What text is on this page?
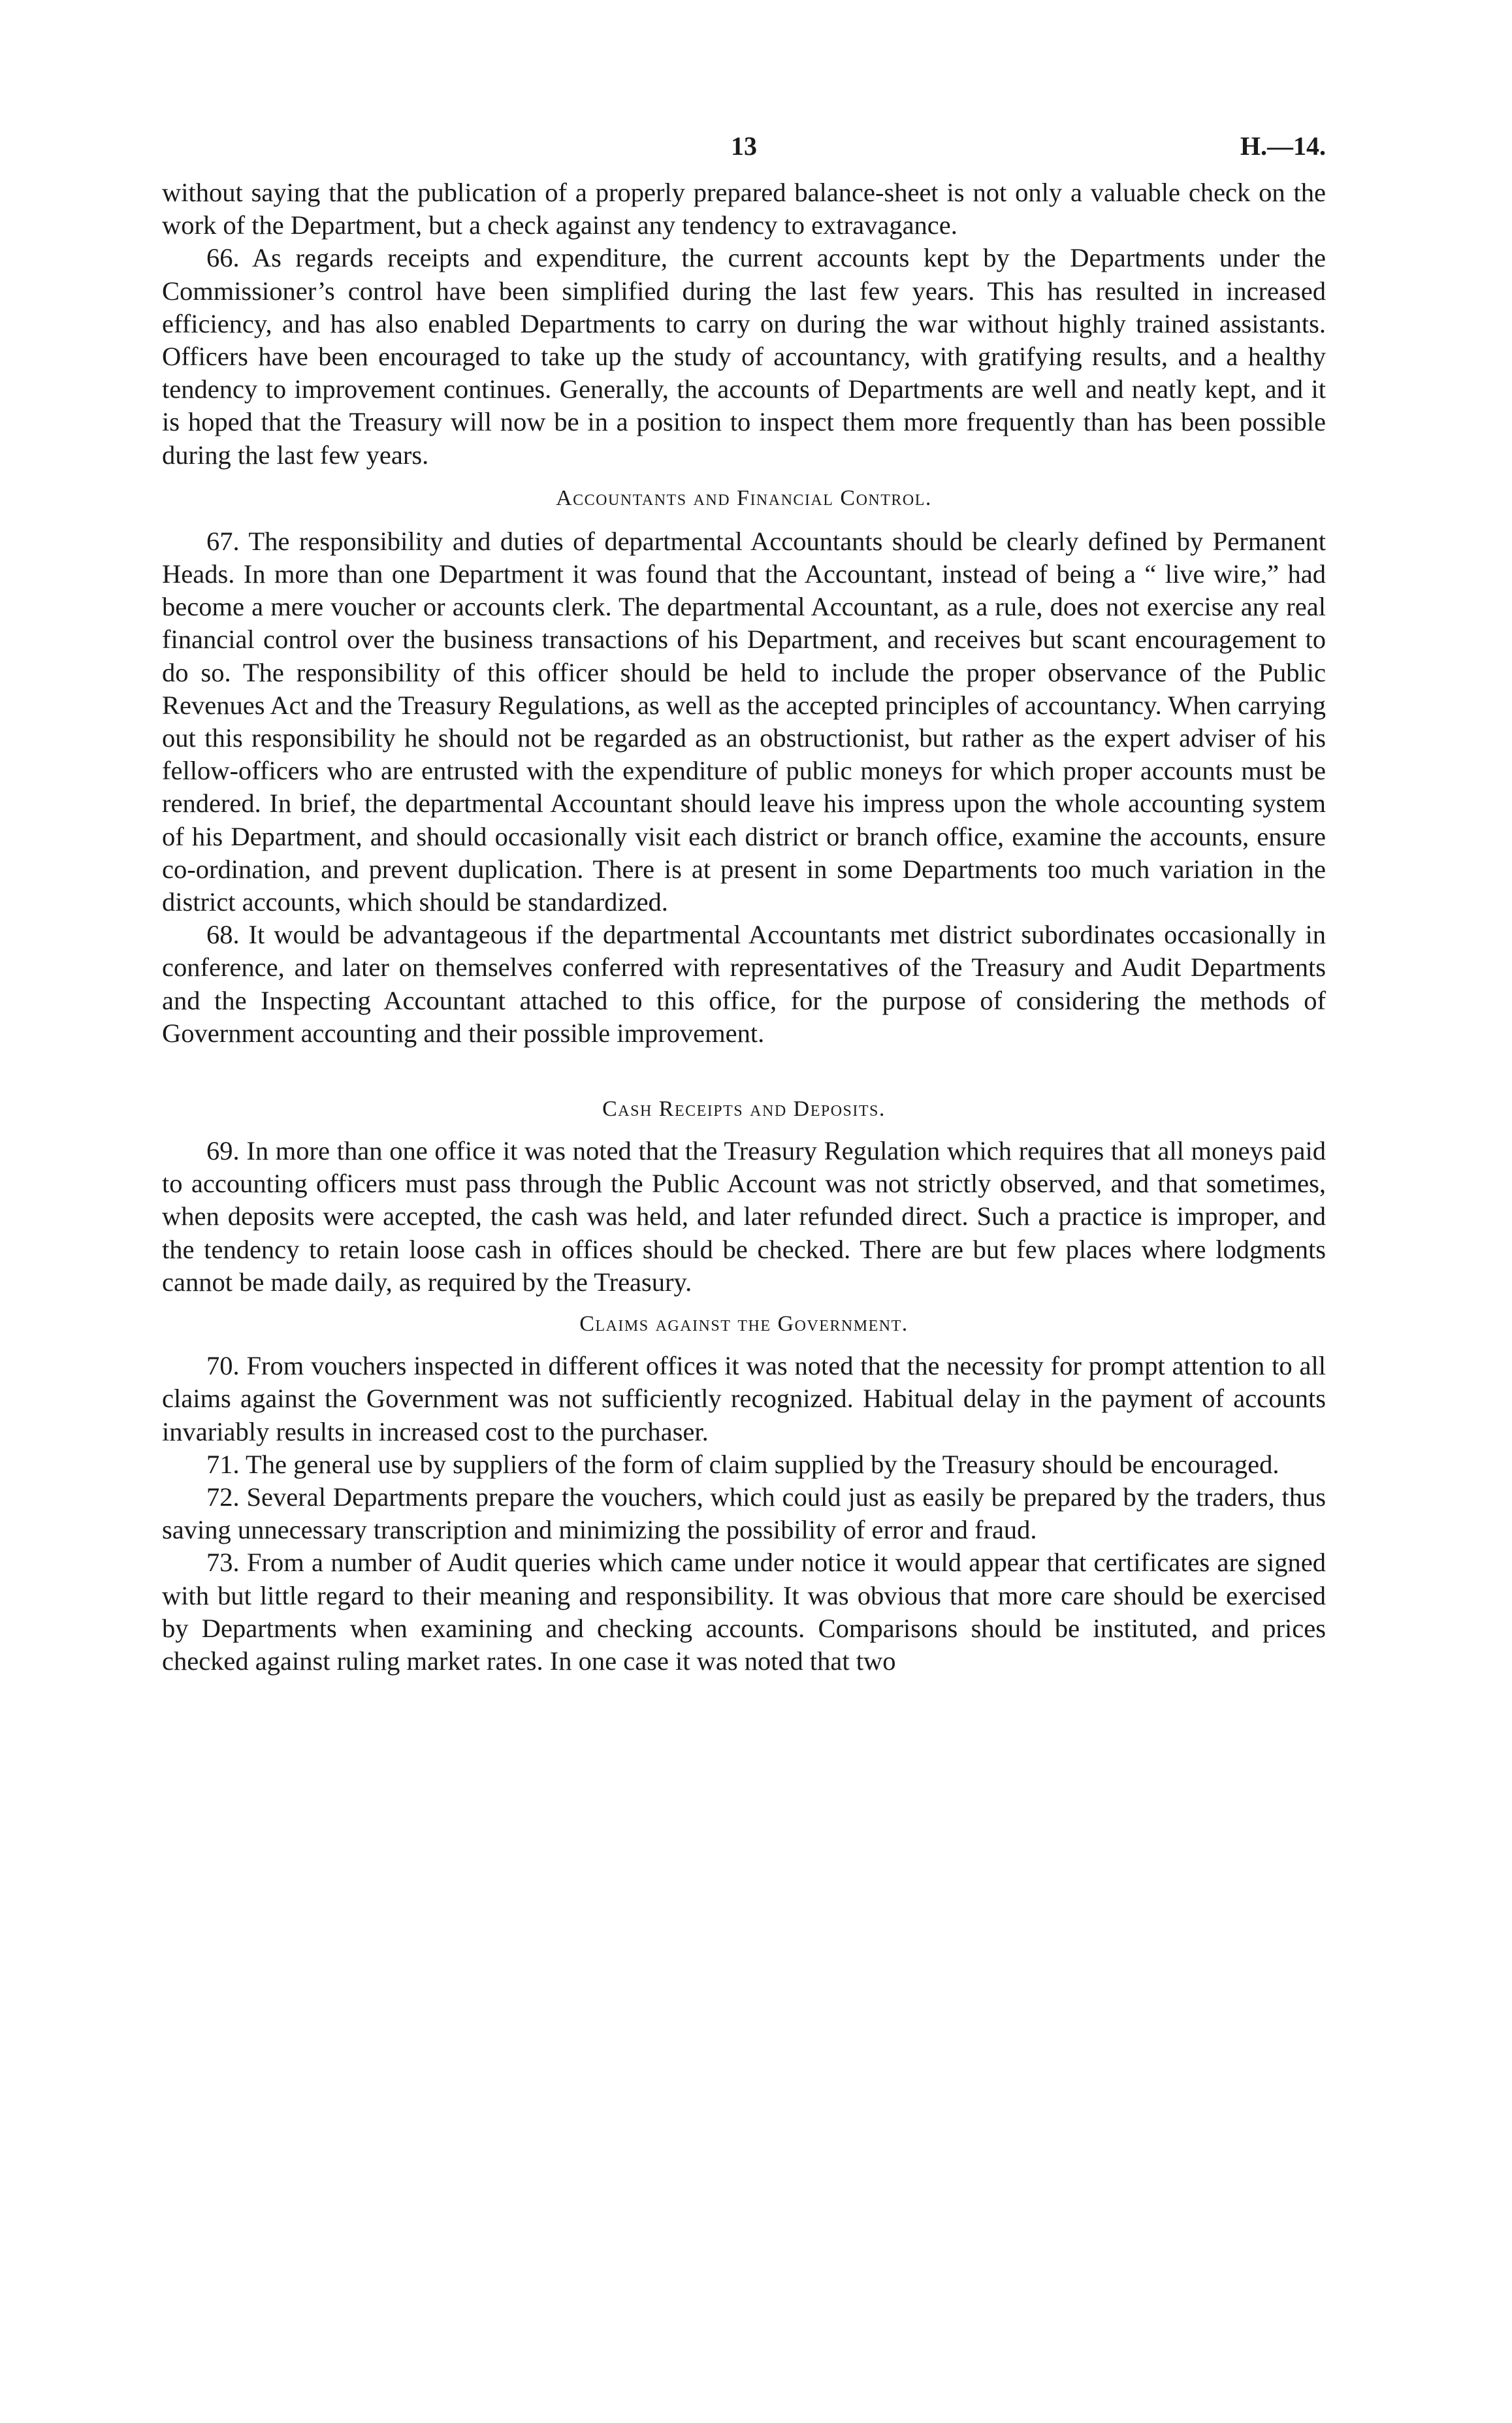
13	H.—14.

without saying that the publication of a properly prepared balance-sheet is not only a valuable check on the work of the Department, but a check against any tendency to extravagance.

66. As regards receipts and expenditure, the current accounts kept by the Departments under the Commissioner’s control have been simplified during the last few years. This has resulted in increased efficiency, and has also enabled Departments to carry on during the war without highly trained assistants. Officers have been encouraged to take up the study of accountancy, with gratifying results, and a healthy tendency to improvement continues. Generally, the accounts of Departments are well and neatly kept, and it is hoped that the Treasury will now be in a position to inspect them more frequently than has been possible during the last few years.

Accountants and Financial Control.

67. The responsibility and duties of departmental Accountants should be clearly defined by Permanent Heads. In more than one Department it was found that the Accountant, instead of being a “ live wire,” had become a mere voucher or accounts clerk. The departmental Accountant, as a rule, does not exercise any real financial control over the business transactions of his Department, and receives but scant encouragement to do so. The responsibility of this officer should be held to include the proper observance of the Public Revenues Act and the Treasury Regulations, as well as the accepted principles of accountancy. When carrying out this responsibility he should not be regarded as an obstructionist, but rather as the expert adviser of his fellow-officers who are entrusted with the expenditure of public moneys for which proper accounts must be rendered. In brief, the departmental Accountant should leave his impress upon the whole accounting system of his Department, and should occasionally visit each district or branch office, examine the accounts, ensure co-ordination, and prevent duplication. There is at present in some Departments too much variation in the district accounts, which should be standardized.

68. It would be advantageous if the departmental Accountants met district subordinates occasionally in conference, and later on themselves conferred with representatives of the Treasury and Audit Departments and the Inspecting Accountant attached to this office, for the purpose of considering the methods of Government accounting and their possible improvement.

Cash Receipts and Deposits.

69. In more than one office it was noted that the Treasury Regulation which requires that all moneys paid to accounting officers must pass through the Public Account was not strictly observed, and that sometimes, when deposits were accepted, the cash was held, and later refunded direct. Such a practice is improper, and the tendency to retain loose cash in offices should be checked. There are but few places where lodgments cannot be made daily, as required by the Treasury.

Claims against the Government.

70. From vouchers inspected in different offices it was noted that the necessity for prompt attention to all claims against the Government was not sufficiently recognized. Habitual delay in the payment of accounts invariably results in increased cost to the purchaser.

71. The general use by suppliers of the form of claim supplied by the Treasury should be encouraged.

72. Several Departments prepare the vouchers, which could just as easily be prepared by the traders, thus saving unnecessary transcription and minimizing the possibility of error and fraud.

73. From a number of Audit queries which came under notice it would appear that certificates are signed with but little regard to their meaning and responsibility. It was obvious that more care should be exercised by Departments when examining and checking accounts. Comparisons should be instituted, and prices checked against ruling market rates. In one case it was noted that two
